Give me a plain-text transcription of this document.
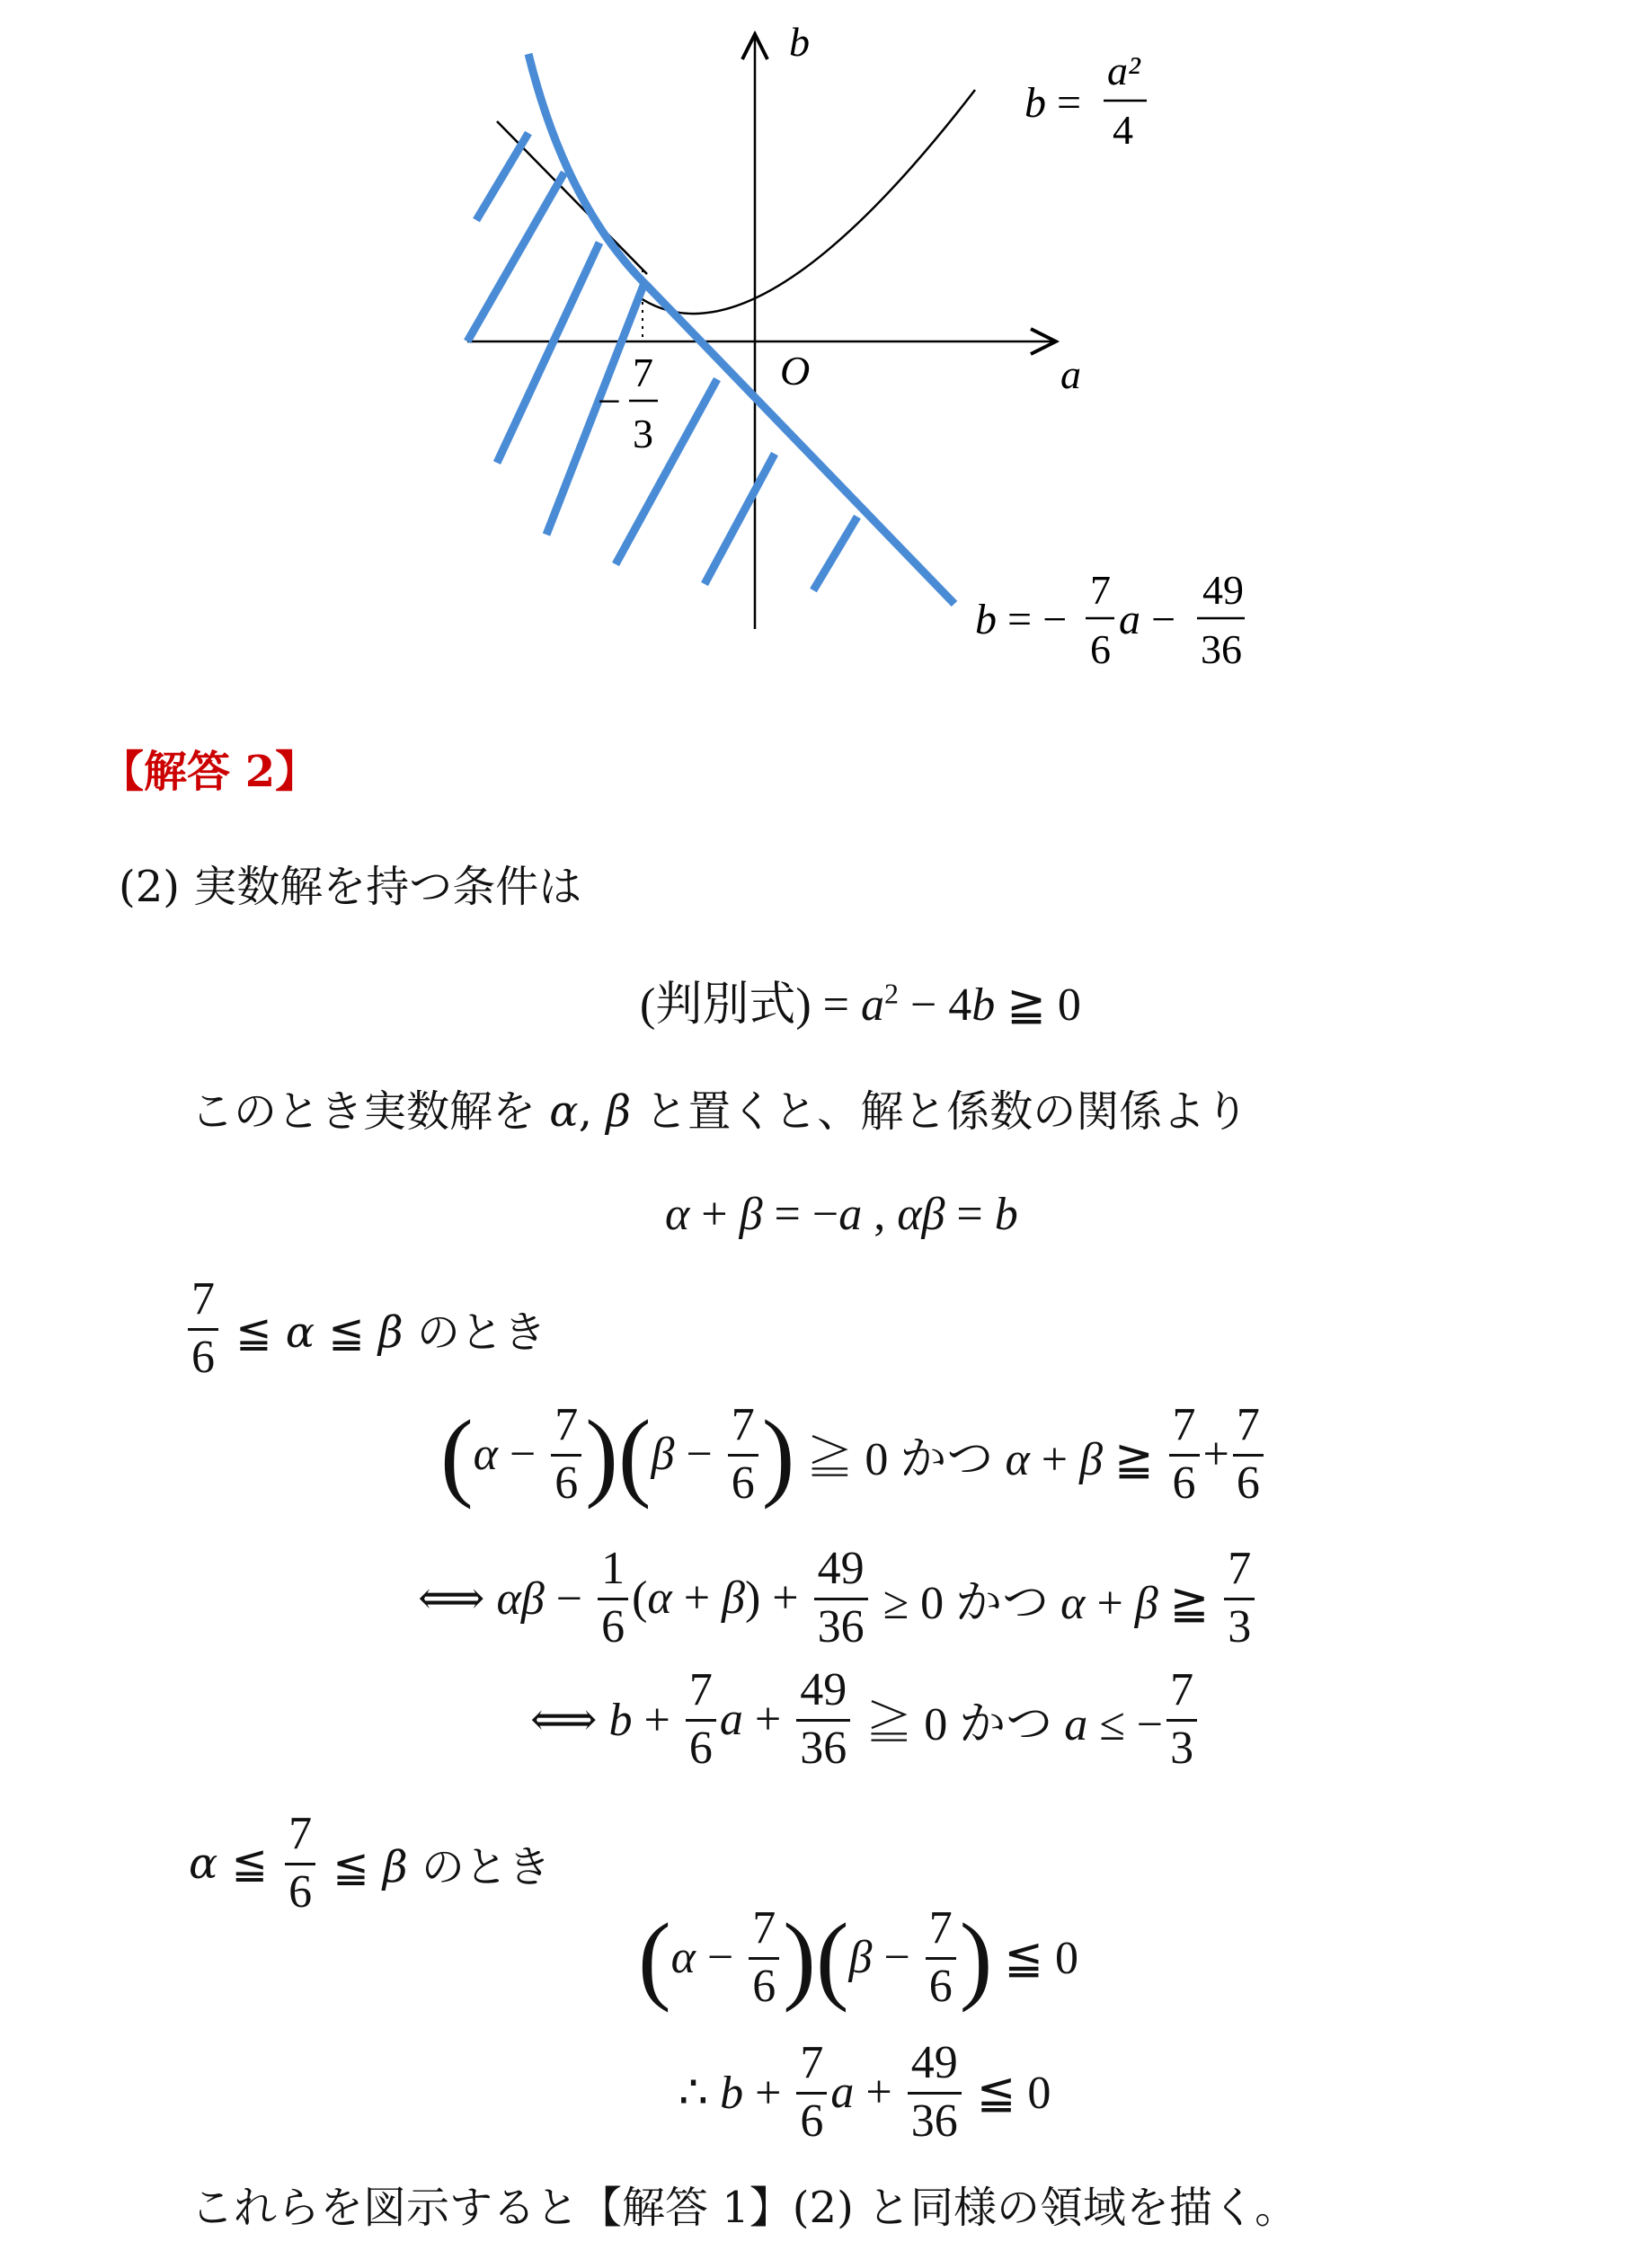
b
a
O
−
7
3
b =
a²
4
b = −
7
6
a −
49
36
【解答 2】
(2) 実数解を持つ条件は
(判別式) = $a^2 - 4b$ ≧ 0
このとき実数解を α, β と置くと、解と係数の関係より
α + β = −a , αβ = b
$\frac{7}{6}$ ≦ α ≦ β のとき
( $\alpha - \frac{7}{6}$ ) ( $\beta - \frac{7}{6}$ ) ≧ 0 かつ α + β ≧ $\frac{7}{6} + \frac{7}{6}$
⟺ $\alpha\beta - \frac{1}{6} (\alpha + \beta) + \frac{49}{36} \ge 0$ かつ α + β ≧ $\frac{7}{3}$
⟺ $b + \frac{7}{6}$ $a + \frac{49}{36}$ ≧ 0 かつ a ≤ − $\frac{7}{3}$
α ≦ $\frac{7}{6}$ ≦ β のとき
( $\alpha - \frac{7}{6}$ ) ( $\beta - \frac{7}{6}$ ) ≦ 0
∴ $b + \frac{7}{6}$ $a + \frac{49}{36}$ ≦ 0
これらを図示すると【解答 1】(2) と同様の領域を描く。
